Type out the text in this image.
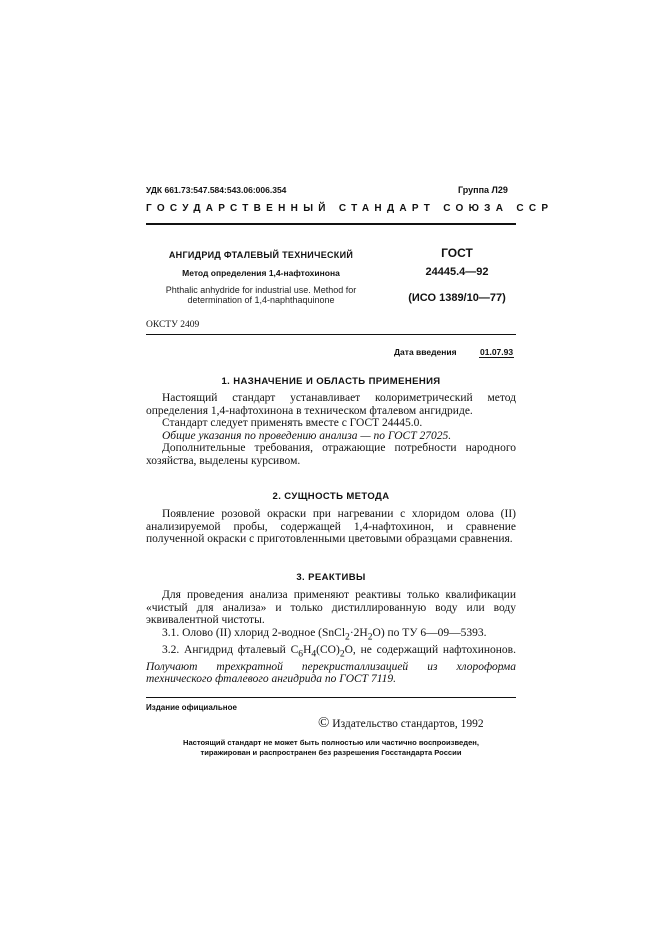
УДК 661.73:547.584:543.06:006.354	Группа Л29
ГОСУДАРСТВЕННЫЙ СТАНДАРТ СОЮЗА ССР
АНГИДРИД ФТАЛЕВЫЙ ТЕХНИЧЕСКИЙ
Метод определения 1,4-нафтохинона
Phthalic anhydride for industrial use. Method for
determination of 1,4-naphthaquinone
ГОСТ
24445.4—92
(ИСО 1389/10—77)
ОКСТУ 2409
Дата введения	01.07.93
1. НАЗНАЧЕНИЕ И ОБЛАСТЬ ПРИМЕНЕНИЯ
Настоящий стандарт устанавливает колориметрический метод определения 1,4-нафтохинона в техническом фталевом ангидриде.
Стандарт следует применять вместе с ГОСТ 24445.0.
Общие указания по проведению анализа — по ГОСТ 27025.
Дополнительные требования, отражающие потребности народного хозяйства, выделены курсивом.
2. СУЩНОСТЬ МЕТОДА
Появление розовой окраски при нагревании с хлоридом олова (II) анализируемой пробы, содержащей 1,4-нафтохинон, и сравнение полученной окраски с приготовленными цветовыми образцами сравнения.
3. РЕАКТИВЫ
Для проведения анализа применяют реактивы только квалификации «чистый для анализа» и только дистиллированную воду или воду эквивалентной чистоты.
3.1. Олово (II) хлорид 2-водное $(SnCl_2\cdot 2H_2O)$ по ТУ 6—09—5393.
3.2. Ангидрид фталевый $C_6H_4(CO)_2O$, не содержащий нафтохинонов. Получают трехкратной перекристаллизацией из хлороформа технического фталевого ангидрида по ГОСТ 7119.
Издание официальное
© Издательство стандартов, 1992
Настоящий стандарт не может быть полностью или частично воспроизведен,
тиражирован и распространен без разрешения Госстандарта России
